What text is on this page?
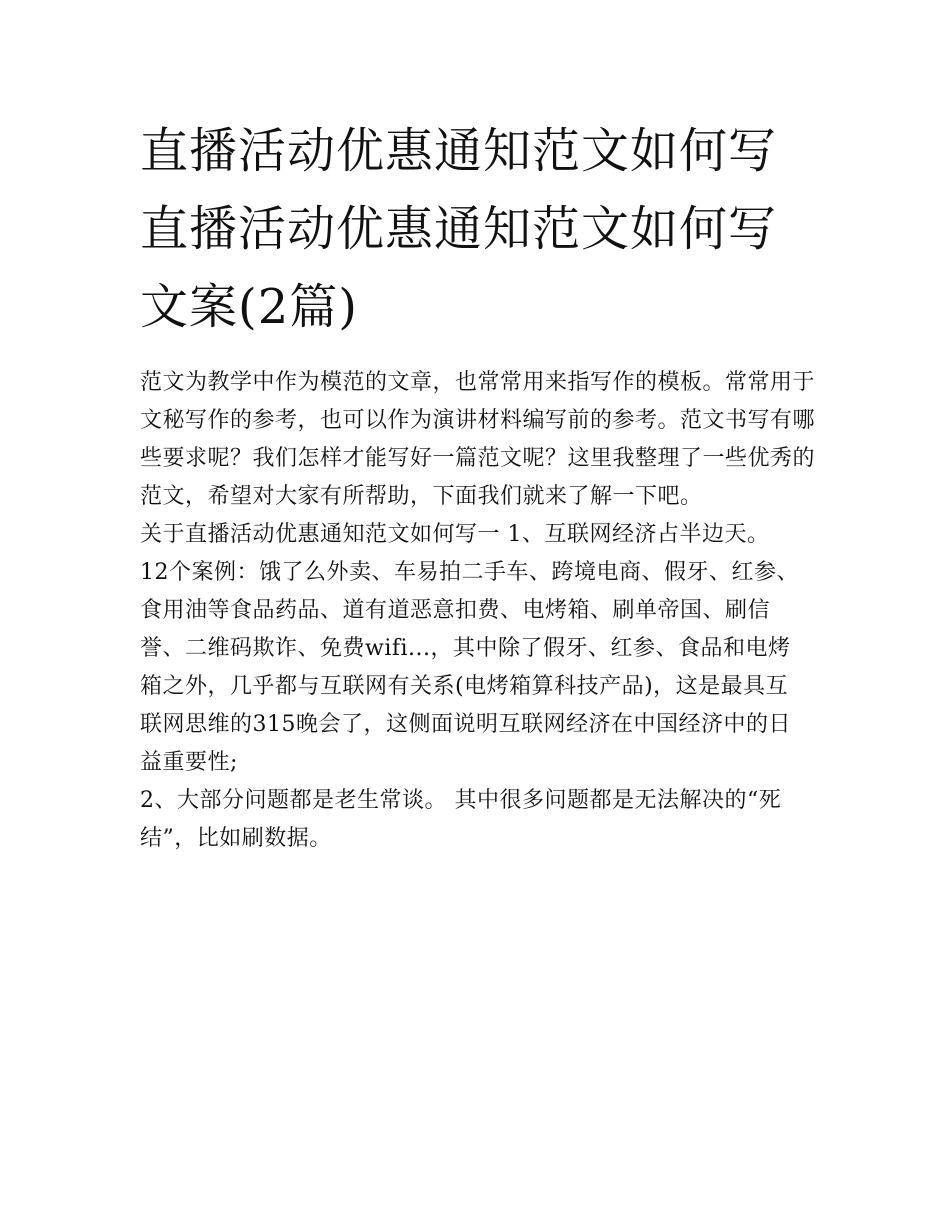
直播活动优惠通知范文如何写直播活动优惠通知范文如何写文案(2篇)

范文为教学中作为模范的文章，也常常用来指写作的模板。常常用于文秘写作的参考，也可以作为演讲材料编写前的参考。范文书写有哪些要求呢？我们怎样才能写好一篇范文呢？这里我整理了一些优秀的范文，希望对大家有所帮助，下面我们就来了解一下吧。

关于直播活动优惠通知范文如何写一 1、互联网经济占半边天。

12个案例：饿了么外卖、车易拍二手车、跨境电商、假牙、红参、食用油等食品药品、道有道恶意扣费、电烤箱、刷单帝国、刷信誉、二维码欺诈、免费wifi...，其中除了假牙、红参、食品和电烤箱之外，几乎都与互联网有关系(电烤箱算科技产品)，这是最具互联网思维的315晚会了，这侧面说明互联网经济在中国经济中的日益重要性;

2、大部分问题都是老生常谈。 其中很多问题都是无法解决的“死结”，比如刷数据。
